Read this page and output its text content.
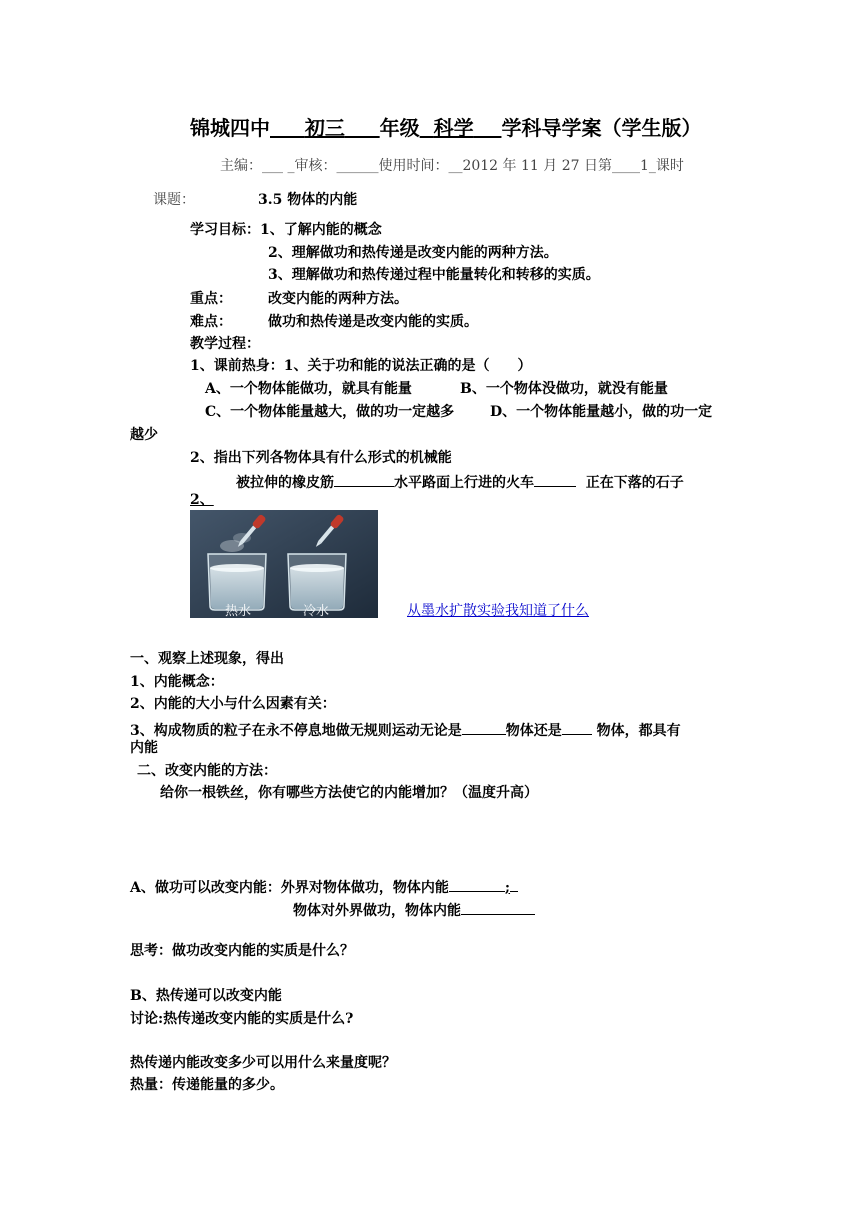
锦城四中 初三 年级 科学 学科导学案（学生版）
主编：___ _审核：______使用时间：__2012 年 11 月 27 日第____1_课时
课题：	3.5 物体的内能
学习目标：1、了解内能的概念
2、理解做功和热传递是改变内能的两种方法。
3、理解做功和热传递过程中能量转化和转移的实质。
重点：	改变内能的两种方法。
难点：	做功和热传递是改变内能的实质。
教学过程：
1、课前热身：1、关于功和能的说法正确的是（　　）
A、一个物体能做功，就具有能量	B、一个物体没做功，就没有能量
C、一个物体能量越大，做的功一定越多	D、一个物体能量越小，做的功一定
越少
2、指出下列各物体具有什么形式的机械能
被拉伸的橡皮筋	水平路面上行进的火车	正在下落的石子
2、
热水	冷水	从墨水扩散实验我知道了什么
一、观察上述现象，得出
1、内能概念：
2、内能的大小与什么因素有关：
3、构成物质的粒子在永不停息地做无规则运动无论是	物体还是 物体，都具有
内能
二、改变内能的方法：
给你一根铁丝，你有哪些方法使它的内能增加？（温度升高）
A、做功可以改变内能：外界对物体做功，物体内能	;
物体对外界做功，物体内能
思考：做功改变内能的实质是什么？
B、热传递可以改变内能
讨论:热传递改变内能的实质是什么?
热传递内能改变多少可以用什么来量度呢？
热量：传递能量的多少。
